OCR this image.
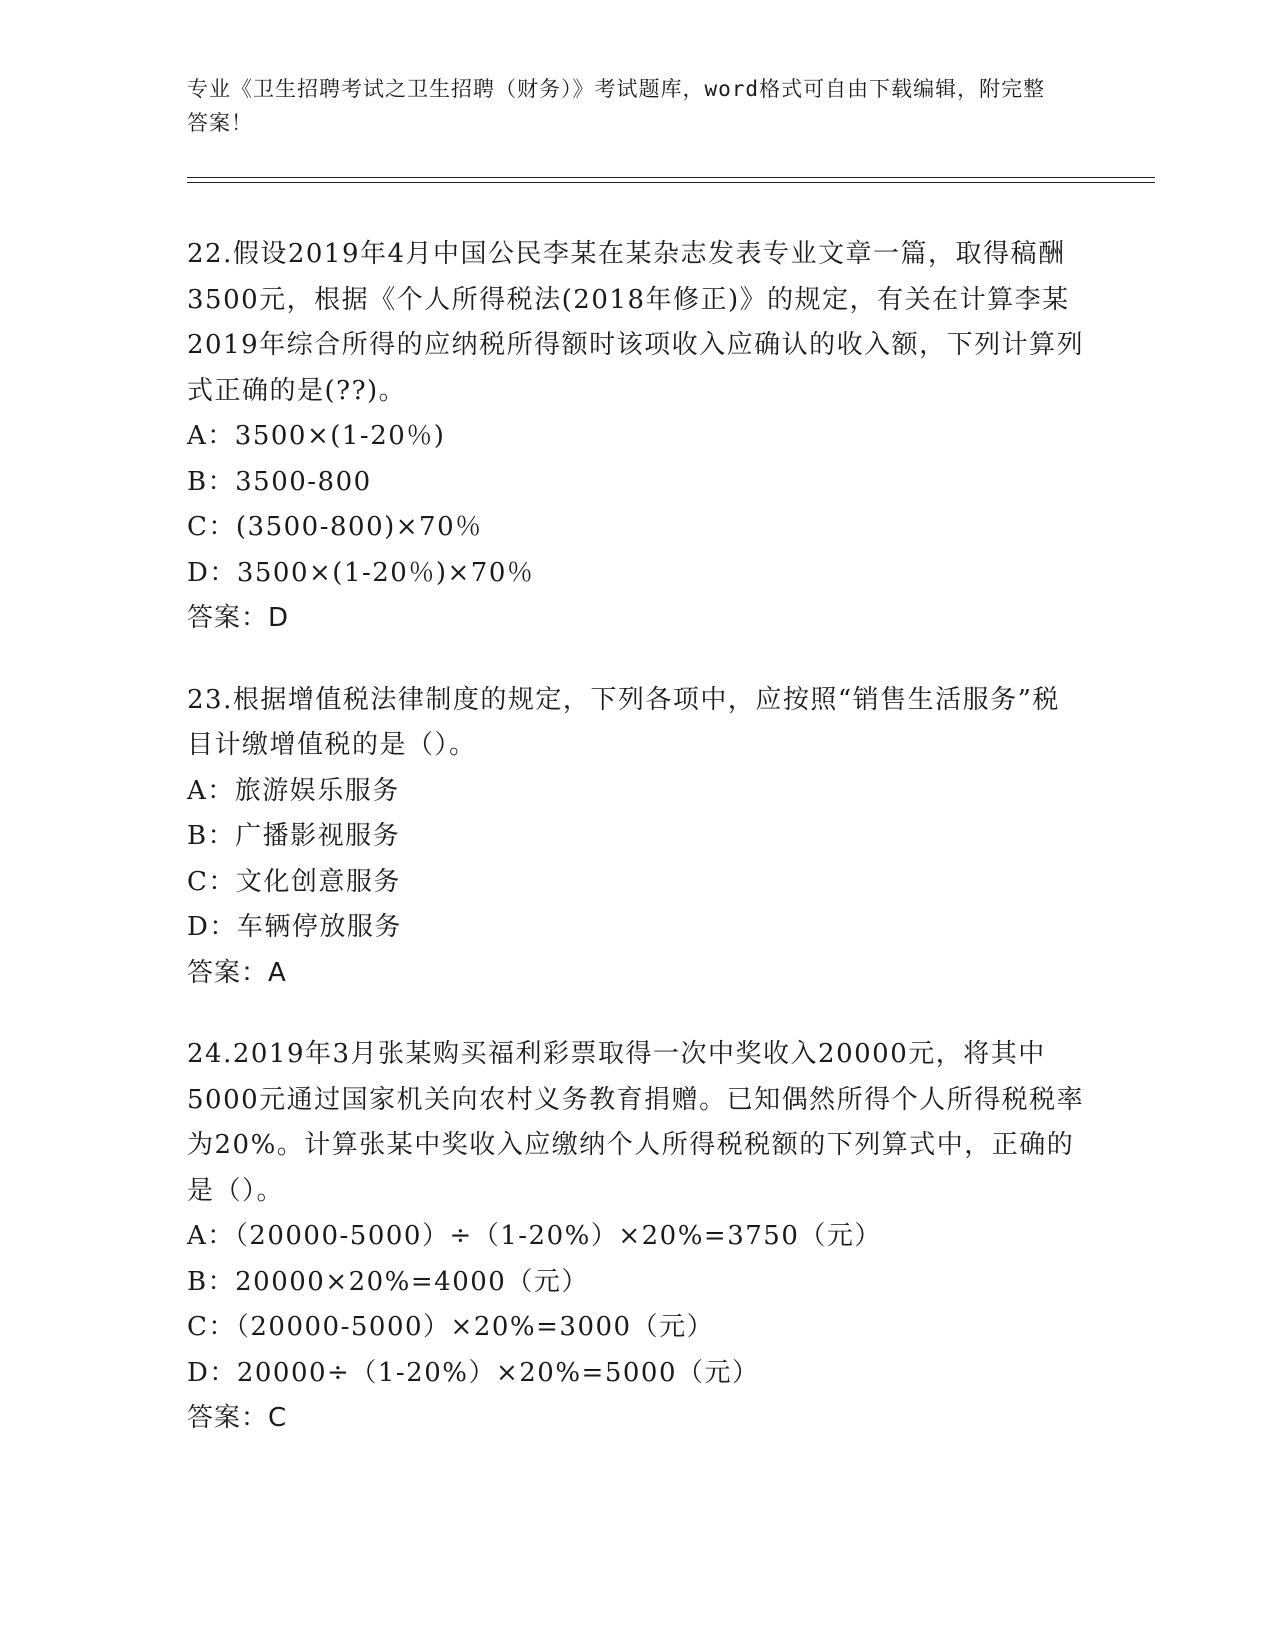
专业《卫生招聘考试之卫生招聘（财务）》考试题库，word格式可自由下载编辑，附完整答案！

22.假设2019年4月中国公民李某在某杂志发表专业文章一篇，取得稿酬3500元，根据《个人所得税法(2018年修正)》的规定，有关在计算李某2019年综合所得的应纳税所得额时该项收入应确认的收入额，下列计算列式正确的是(??)。

A：3500×(1-20％)

B：3500-800

C：(3500-800)×70％

D：3500×(1-20％)×70％

答案：D

23.根据增值税法律制度的规定，下列各项中，应按照“销售生活服务”税目计缴增值税的是（）。

A：旅游娱乐服务

B：广播影视服务

C：文化创意服务

D：车辆停放服务

答案：A

24.2019年3月张某购买福利彩票取得一次中奖收入20000元，将其中5000元通过国家机关向农村义务教育捐赠。已知偶然所得个人所得税税率为20%。计算张某中奖收入应缴纳个人所得税税额的下列算式中，正确的是（）。

A：（20000-5000）÷（1-20%）×20%=3750（元）

B：20000×20%=4000（元）

C：（20000-5000）×20%=3000（元）

D：20000÷（1-20%）×20%=5000（元）

答案：C
